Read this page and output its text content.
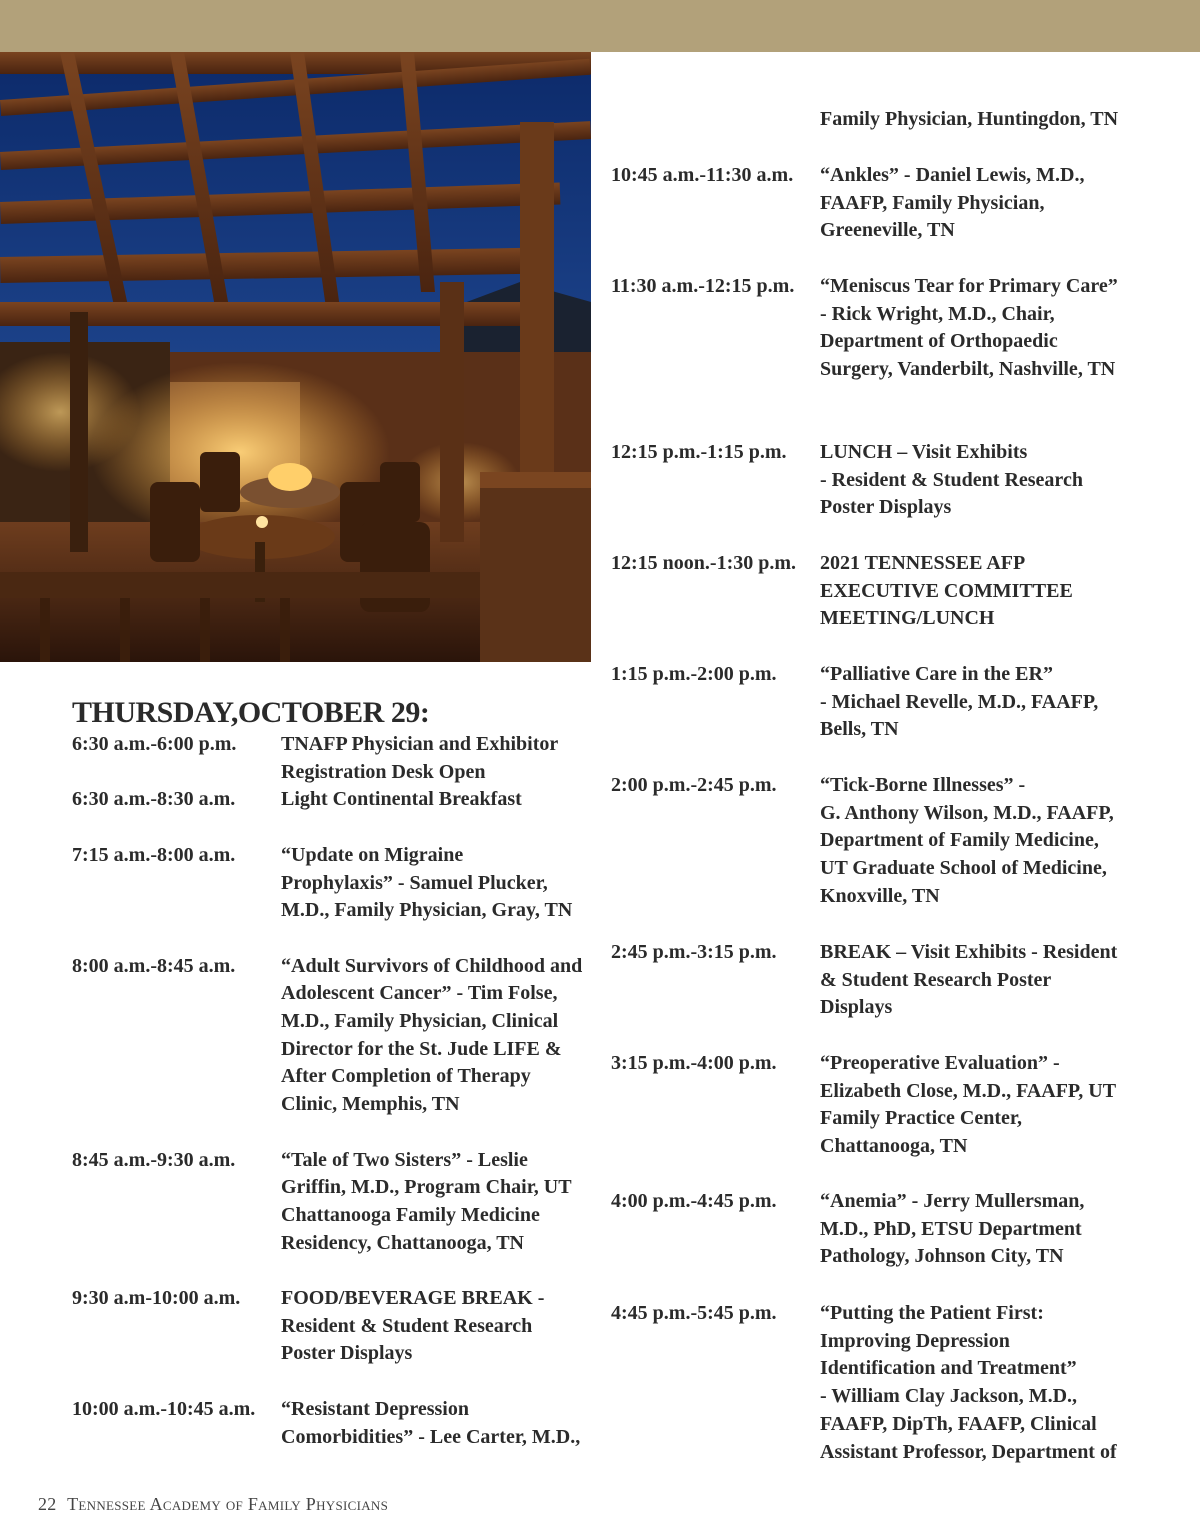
THURSDAY,OCTOBER 29:
6:30 a.m.-6:00 p.m.	TNAFP Physician and Exhibitor
Registration Desk Open
6:30 a.m.-8:30 a.m.	Light Continental Breakfast
7:15 a.m.-8:00 a.m.	“Update on Migraine
Prophylaxis” - Samuel Plucker,
M.D., Family Physician, Gray, TN
8:00 a.m.-8:45 a.m.	“Adult Survivors of Childhood and
Adolescent Cancer” - Tim Folse,
M.D., Family Physician, Clinical
Director for the St. Jude LIFE &
After Completion of Therapy
Clinic, Memphis, TN
8:45 a.m.-9:30 a.m.	“Tale of Two Sisters” - Leslie
Griffin, M.D., Program Chair, UT
Chattanooga Family Medicine
Residency, Chattanooga, TN
9:30 a.m-10:00 a.m.	FOOD/BEVERAGE BREAK -
Resident & Student Research
Poster Displays
10:00 a.m.-10:45 a.m.	“Resistant Depression
Comorbidities” - Lee Carter, M.D.,
Family Physician, Huntingdon, TN
10:45 a.m.-11:30 a.m.	“Ankles” - Daniel Lewis, M.D.,
FAAFP, Family Physician,
Greeneville, TN
11:30 a.m.-12:15 p.m.	“Meniscus Tear for Primary Care”
- Rick Wright, M.D., Chair,
Department of Orthopaedic
Surgery, Vanderbilt, Nashville, TN
12:15 p.m.-1:15 p.m.	LUNCH – Visit Exhibits
- Resident & Student Research
Poster Displays
12:15 noon.-1:30 p.m.	2021 TENNESSEE AFP
EXECUTIVE COMMITTEE
MEETING/LUNCH
1:15 p.m.-2:00 p.m.	“Palliative Care in the ER”
- Michael Revelle, M.D., FAAFP,
Bells, TN
2:00 p.m.-2:45 p.m.	“Tick-Borne Illnesses” -
G. Anthony Wilson, M.D., FAAFP,
Department of Family Medicine,
UT Graduate School of Medicine,
Knoxville, TN
2:45 p.m.-3:15 p.m.	BREAK – Visit Exhibits - Resident
& Student Research Poster
Displays
3:15 p.m.-4:00 p.m.	“Preoperative Evaluation” -
Elizabeth Close, M.D., FAAFP, UT
Family Practice Center,
Chattanooga, TN
4:00 p.m.-4:45 p.m.	“Anemia” - Jerry Mullersman,
M.D., PhD, ETSU Department
Pathology, Johnson City, TN
4:45 p.m.-5:45 p.m.	“Putting the Patient First:
Improving Depression
Identification and Treatment”
- William Clay Jackson, M.D.,
FAAFP, DipTh, FAAFP, Clinical
Assistant Professor, Department of
22 Tennessee Academy of Family Physicians
